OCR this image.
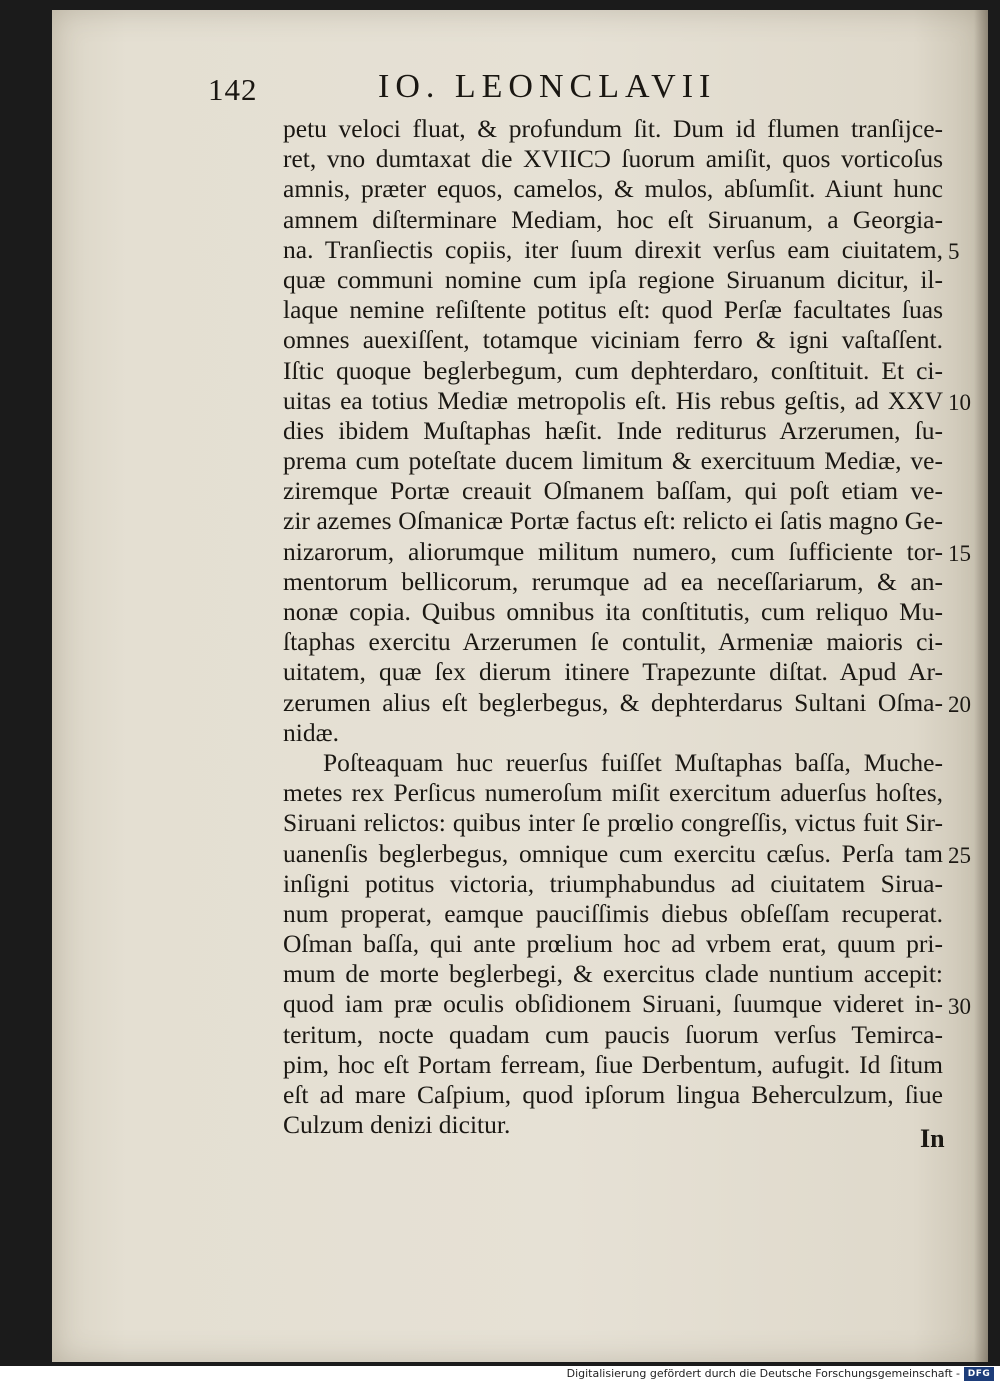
142	IO. LEONCLAVII
petu veloci fluat, & profundum ſit. Dum id flumen tranſijce-
ret, vno dumtaxat die XVIICƆ ſuorum amiſit, quos vorticoſus
amnis, præter equos, camelos, & mulos, abſumſit. Aiunt hunc
amnem diſterminare Mediam, hoc eſt Siruanum, a Georgia-
na. Tranſiectis copiis, iter ſuum direxit verſus eam ciuitatem,
quæ communi nomine cum ipſa regione Siruanum dicitur, il-
laque nemine reſiſtente potitus eſt: quod Perſæ facultates ſuas
omnes auexiſſent, totamque viciniam ferro & igni vaſtaſſent.
Iſtic quoque beglerbegum, cum dephterdaro, conſtituit. Et ci-
uitas ea totius Mediæ metropolis eſt. His rebus geſtis, ad XXV
dies ibidem Muſtaphas hæſit. Inde rediturus Arzerumen, ſu-
prema cum poteſtate ducem limitum & exercituum Mediæ, ve-
ziremque Portæ creauit Oſmanem baſſam, qui poſt etiam ve-
zir azemes Oſmanicæ Portæ factus eſt: relicto ei ſatis magno Ge-
nizarorum, aliorumque militum numero, cum ſufficiente tor-
mentorum bellicorum, rerumque ad ea neceſſariarum, & an-
nonæ copia. Quibus omnibus ita conſtitutis, cum reliquo Mu-
ſtaphas exercitu Arzerumen ſe contulit, Armeniæ maioris ci-
uitatem, quæ ſex dierum itinere Trapezunte diſtat. Apud Ar-
zerumen alius eſt beglerbegus, & dephterdarus Sultani Oſma-
nidæ.
Poſteaquam huc reuerſus fuiſſet Muſtaphas baſſa, Muche-
metes rex Perſicus numeroſum miſit exercitum aduerſus hoſtes,
Siruani relictos: quibus inter ſe prœlio congreſſis, victus fuit Sir-
uanenſis beglerbegus, omnique cum exercitu cæſus. Perſa tam
inſigni potitus victoria, triumphabundus ad ciuitatem Sirua-
num properat, eamque pauciſſimis diebus obſeſſam recuperat.
Oſman baſſa, qui ante prœlium hoc ad vrbem erat, quum pri-
mum de morte beglerbegi, & exercitus clade nuntium accepit:
quod iam præ oculis obſidionem Siruani, ſuumque videret in-
teritum, nocte quadam cum paucis ſuorum verſus Temirca-
pim, hoc eſt Portam ferream, ſiue Derbentum, aufugit. Id ſitum
eſt ad mare Caſpium, quod ipſorum lingua Beherculzum, ſiue
Culzum denizi dicitur.
5
10
15
20
25
30
In
Digitalisierung gefördert durch die Deutsche Forschungsgemeinschaft - DFG
